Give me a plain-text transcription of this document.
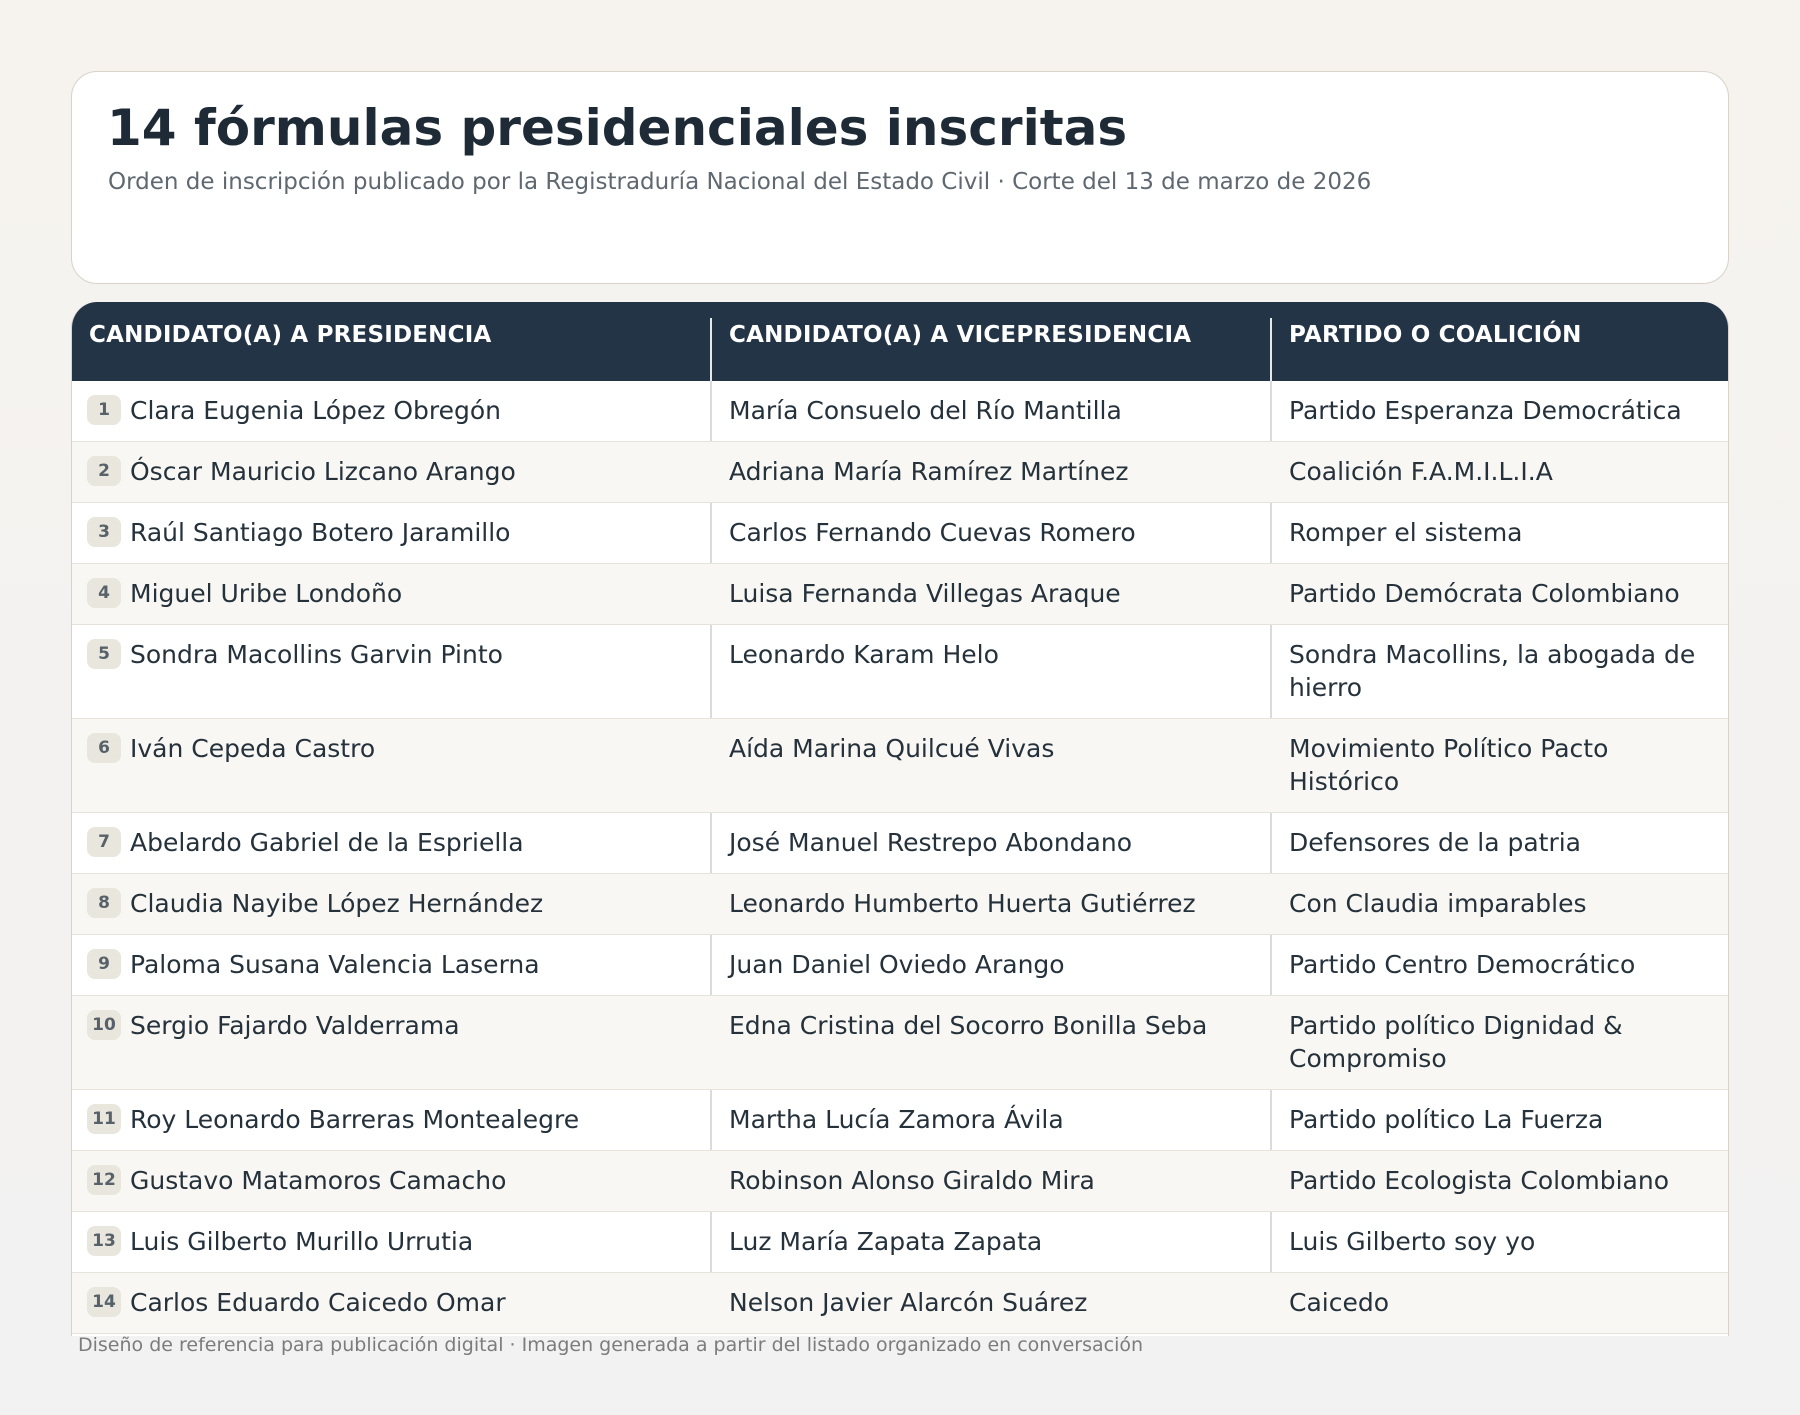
14 fórmulas presidenciales inscritas

Orden de inscripción publicado por la Registraduría Nacional del Estado Civil · Corte del 13 de marzo de 2026

CANDIDATO(A) A PRESIDENCIA	CANDIDATO(A) A VICEPRESIDENCIA	PARTIDO O COALICIÓN
1 Clara Eugenia López Obregón	María Consuelo del Río Mantilla	Partido Esperanza Democrática
2 Óscar Mauricio Lizcano Arango	Adriana María Ramírez Martínez	Coalición F.A.M.I.L.I.A
3 Raúl Santiago Botero Jaramillo	Carlos Fernando Cuevas Romero	Romper el sistema
4 Miguel Uribe Londoño	Luisa Fernanda Villegas Araque	Partido Demócrata Colombiano
5 Sondra Macollins Garvin Pinto	Leonardo Karam Helo	Sondra Macollins, la abogada de hierro
6 Iván Cepeda Castro	Aída Marina Quilcué Vivas	Movimiento Político Pacto Histórico
7 Abelardo Gabriel de la Espriella	José Manuel Restrepo Abondano	Defensores de la patria
8 Claudia Nayibe López Hernández	Leonardo Humberto Huerta Gutiérrez	Con Claudia imparables
9 Paloma Susana Valencia Laserna	Juan Daniel Oviedo Arango	Partido Centro Democrático
10 Sergio Fajardo Valderrama	Edna Cristina del Socorro Bonilla Seba	Partido político Dignidad & Compromiso
11 Roy Leonardo Barreras Montealegre	Martha Lucía Zamora Ávila	Partido político La Fuerza
12 Gustavo Matamoros Camacho	Robinson Alonso Giraldo Mira	Partido Ecologista Colombiano
13 Luis Gilberto Murillo Urrutia	Luz María Zapata Zapata	Luis Gilberto soy yo
14 Carlos Eduardo Caicedo Omar	Nelson Javier Alarcón Suárez	Caicedo

Diseño de referencia para publicación digital · Imagen generada a partir del listado organizado en conversación
